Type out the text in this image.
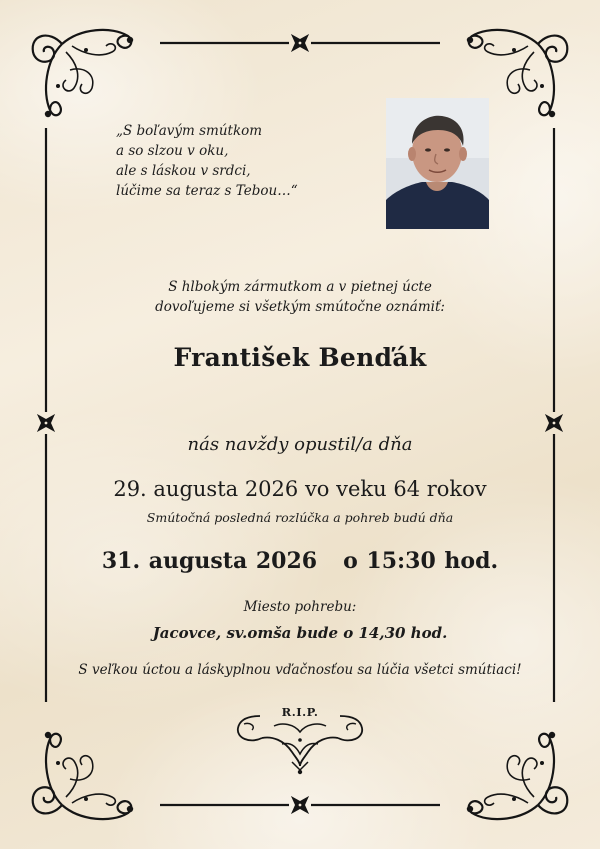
„S boľavým smútkom
a so slzou v oku,
ale s láskou v srdci,
lúčime sa teraz s Tebou…“
S hlbokým zármutkom a v pietnej úcte
dovoľujeme si všetkým smútočne oznámiť:
František Benďák
nás navždy opustil/a dňa
29. augusta 2026 vo veku 64 rokov
Smútočná posledná rozlúčka a pohreb budú dňa
31. augusta 2026   o 15:30 hod.
Miesto pohrebu:
Jacovce, sv.omša bude o 14,30 hod.
S veľkou úctou a láskyplnou vďačnosťou sa lúčia všetci smútiaci!
R.I.P.
